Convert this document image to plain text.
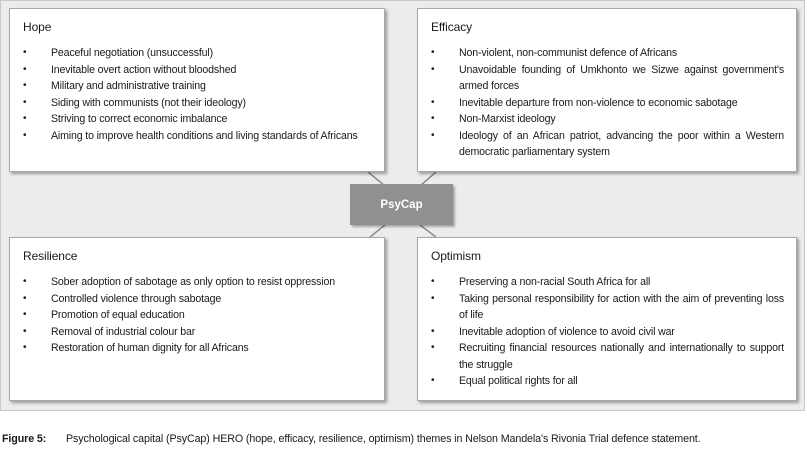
Hope
• Peaceful negotiation (unsuccessful)
• Inevitable overt action without bloodshed
• Military and administrative training
• Siding with communists (not their ideology)
• Striving to correct economic imbalance
• Aiming to improve health conditions and living standards of Africans
Efficacy
• Non-violent, non-communist defence of Africans
• Unavoidable founding of Umkhonto we Sizwe against government's armed forces
• Inevitable departure from non-violence to economic sabotage
• Non-Marxist ideology
• Ideology of an African patriot, advancing the poor within a Western democratic parliamentary system
PsyCap
Resilience
• Sober adoption of sabotage as only option to resist oppression
• Controlled violence through sabotage
• Promotion of equal education
• Removal of industrial colour bar
• Restoration of human dignity for all Africans
Optimism
• Preserving a non-racial South Africa for all
• Taking personal responsibility for action with the aim of preventing loss of life
• Inevitable adoption of violence to avoid civil war
• Recruiting financial resources nationally and internationally to support the struggle
• Equal political rights for all
Figure 5: Psychological capital (PsyCap) HERO (hope, efficacy, resilience, optimism) themes in Nelson Mandela's Rivonia Trial defence statement.
